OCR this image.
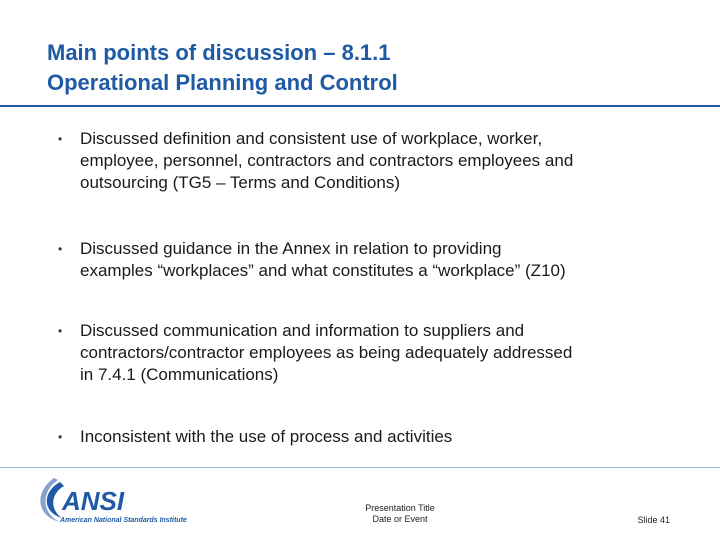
Main points of discussion – 8.1.1
Operational Planning and Control
• Discussed definition and consistent use of workplace, worker,
employee, personnel, contractors and contractors employees and
outsourcing (TG5 – Terms and Conditions)
• Discussed guidance in the Annex in relation to providing
examples “workplaces” and what constitutes a “workplace” (Z10)
• Discussed communication and information to suppliers and
contractors/contractor employees as being adequately addressed
in 7.4.1 (Communications)
• Inconsistent with the use of process and activities
ANSI
American National Standards Institute
Presentation Title
Date or Event	Slide 41
